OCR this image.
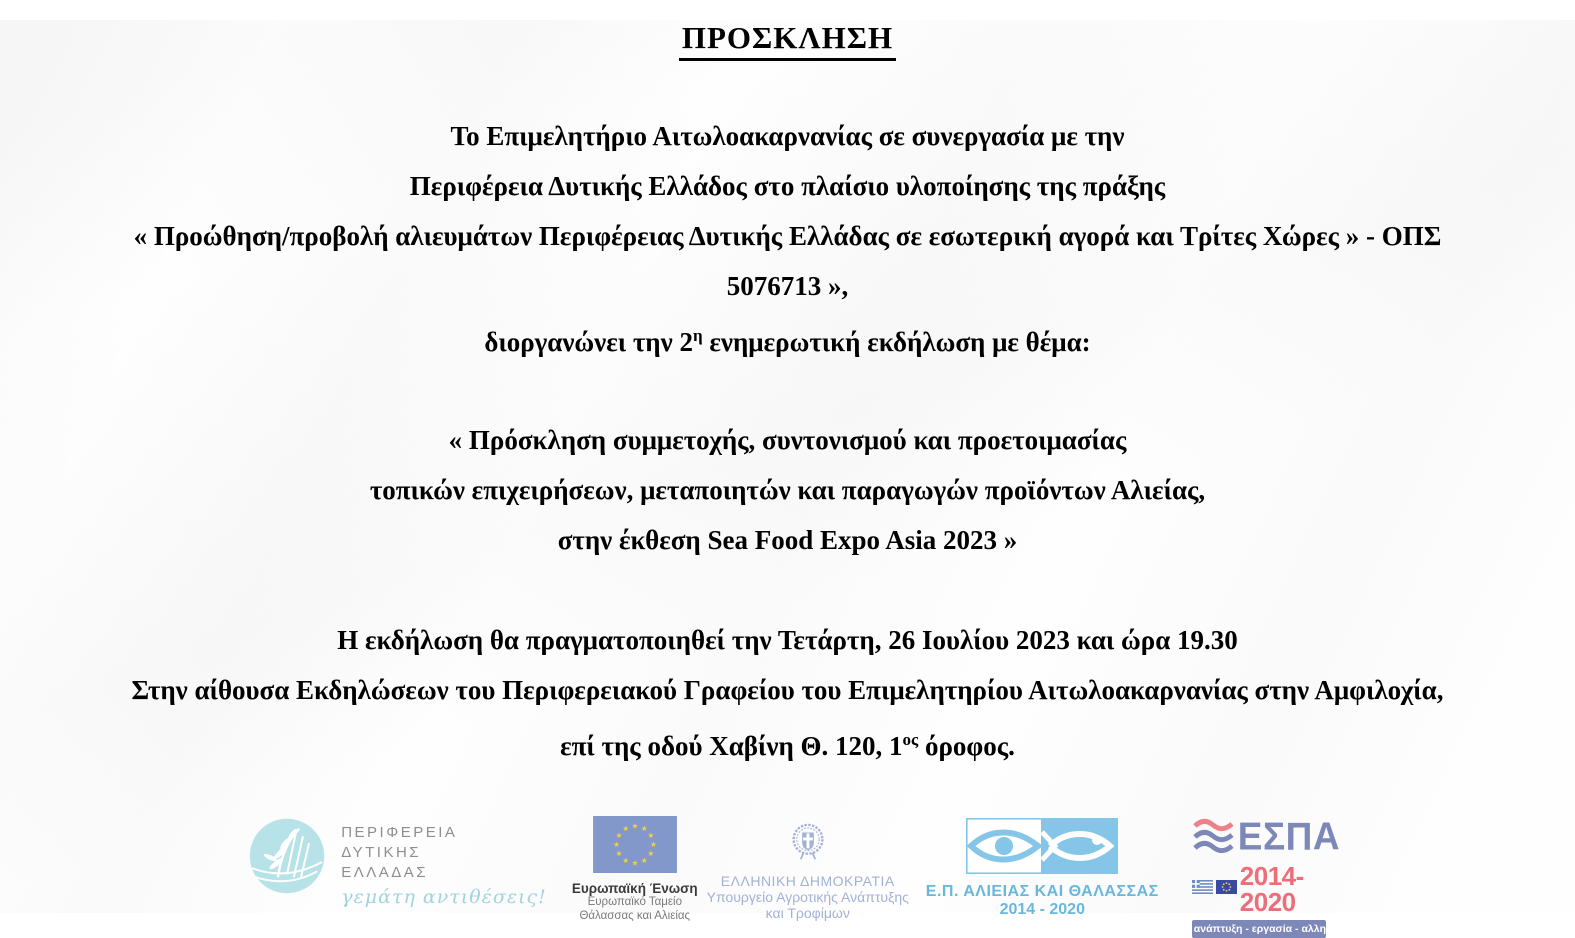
ΠΡΟΣΚΛΗΣΗ
Το Επιμελητήριο Αιτωλοακαρνανίας σε συνεργασία με την
Περιφέρεια Δυτικής Ελλάδος στο πλαίσιο υλοποίησης της πράξης
« Προώθηση/προβολή αλιευμάτων Περιφέρειας Δυτικής Ελλάδας σε εσωτερική αγορά και Τρίτες Χώρες » - ΟΠΣ
5076713 »,
διοργανώνει την $2^\eta$ ενημερωτική εκδήλωση με θέμα:
« Πρόσκληση συμμετοχής, συντονισμού και προετοιμασίας
τοπικών επιχειρήσεων, μεταποιητών και παραγωγών προϊόντων Αλιείας,
στην έκθεση Sea Food Expo Asia 2023 »
Η εκδήλωση θα πραγματοποιηθεί την Τετάρτη, 26 Ιουλίου 2023 και ώρα 19.30
Στην αίθουσα Εκδηλώσεων του Περιφερειακού Γραφείου του Επιμελητηρίου Αιτωλοακαρνανίας στην Αμφιλοχία,
επί της οδού Χαβίνη Θ. 120, $1^{o\varsigma}$ όροφος.
ΠΕΡΙΦΕΡΕΙΑ
ΔΥΤΙΚΗΣ
ΕΛΛΑΔΑΣ
γεμάτη αντιθέσεις!
★ ★
★
★
★
★
★
★
★
★
★
★
Ευρωπαϊκή Ένωση
Ευρωπαϊκό Ταμείο
Θάλασσας και Αλιείας
ΕΛΛΗΝΙΚΗ ΔΗΜΟΚΡΑΤΙΑ
Υπουργείο Αγροτικής Ανάπτυξης
και Τροφίμων
Ε.Π. ΑΛΙΕΙΑΣ ΚΑΙ ΘΑΛΑΣΣΑΣ
2014 - 2020
ΕΣΠΑ
2014-2020
ανάπτυξη - εργασία - αλληλεγγύη
